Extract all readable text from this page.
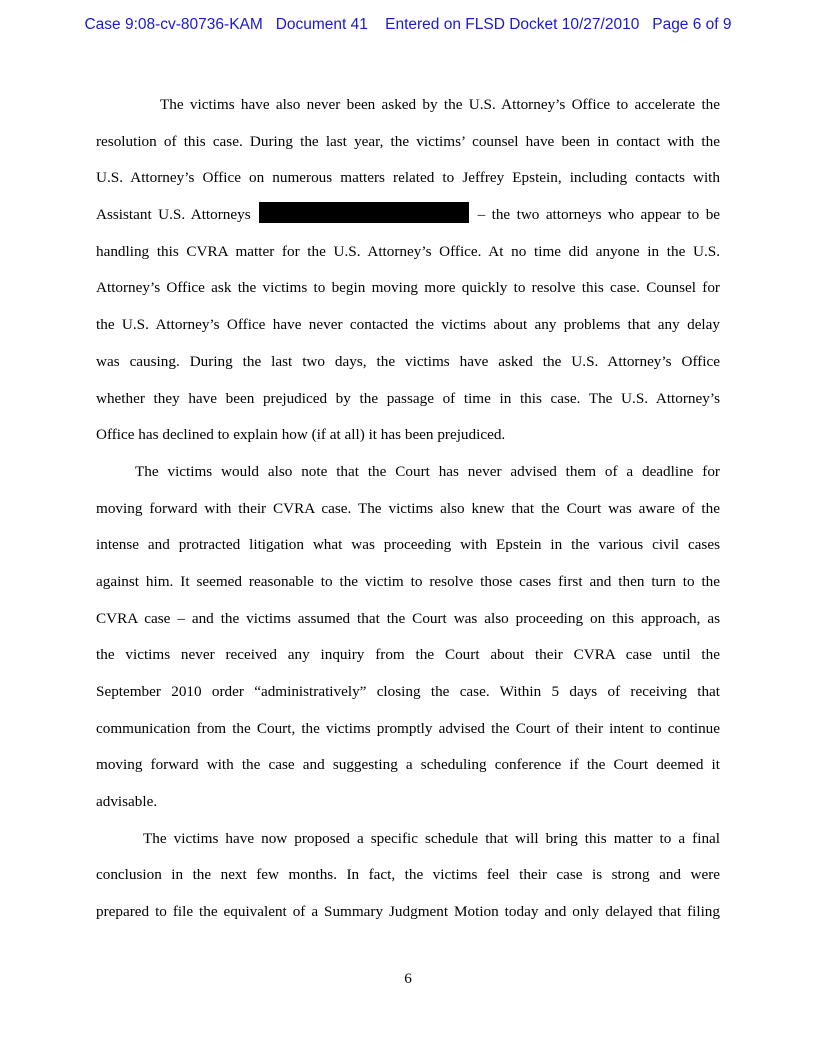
Case 9:08-cv-80736-KAM   Document 41    Entered on FLSD Docket 10/27/2010   Page 6 of 9
The victims have also never been asked by the U.S. Attorney’s Office to accelerate the
resolution of this case. During the last year, the victims’ counsel have been in contact with the
U.S. Attorney’s Office on numerous matters related to Jeffrey Epstein, including contacts with
Assistant U.S. Attorneys	– the two attorneys who appear to be
handling this CVRA matter for the U.S. Attorney’s Office. At no time did anyone in the U.S.
Attorney’s Office ask the victims to begin moving more quickly to resolve this case. Counsel for
the U.S. Attorney’s Office have never contacted the victims about any problems that any delay
was causing. During the last two days, the victims have asked the U.S. Attorney’s Office
whether they have been prejudiced by the passage of time in this case. The U.S. Attorney’s
Office has declined to explain how (if at all) it has been prejudiced.
The victims would also note that the Court has never advised them of a deadline for
moving forward with their CVRA case. The victims also knew that the Court was aware of the
intense and protracted litigation what was proceeding with Epstein in the various civil cases
against him. It seemed reasonable to the victim to resolve those cases first and then turn to the
CVRA case – and the victims assumed that the Court was also proceeding on this approach, as
the victims never received any inquiry from the Court about their CVRA case until the
September 2010 order “administratively” closing the case. Within 5 days of receiving that
communication from the Court, the victims promptly advised the Court of their intent to continue
moving forward with the case and suggesting a scheduling conference if the Court deemed it
advisable.
The victims have now proposed a specific schedule that will bring this matter to a final
conclusion in the next few months. In fact, the victims feel their case is strong and were
prepared to file the equivalent of a Summary Judgment Motion today and only delayed that filing
6
